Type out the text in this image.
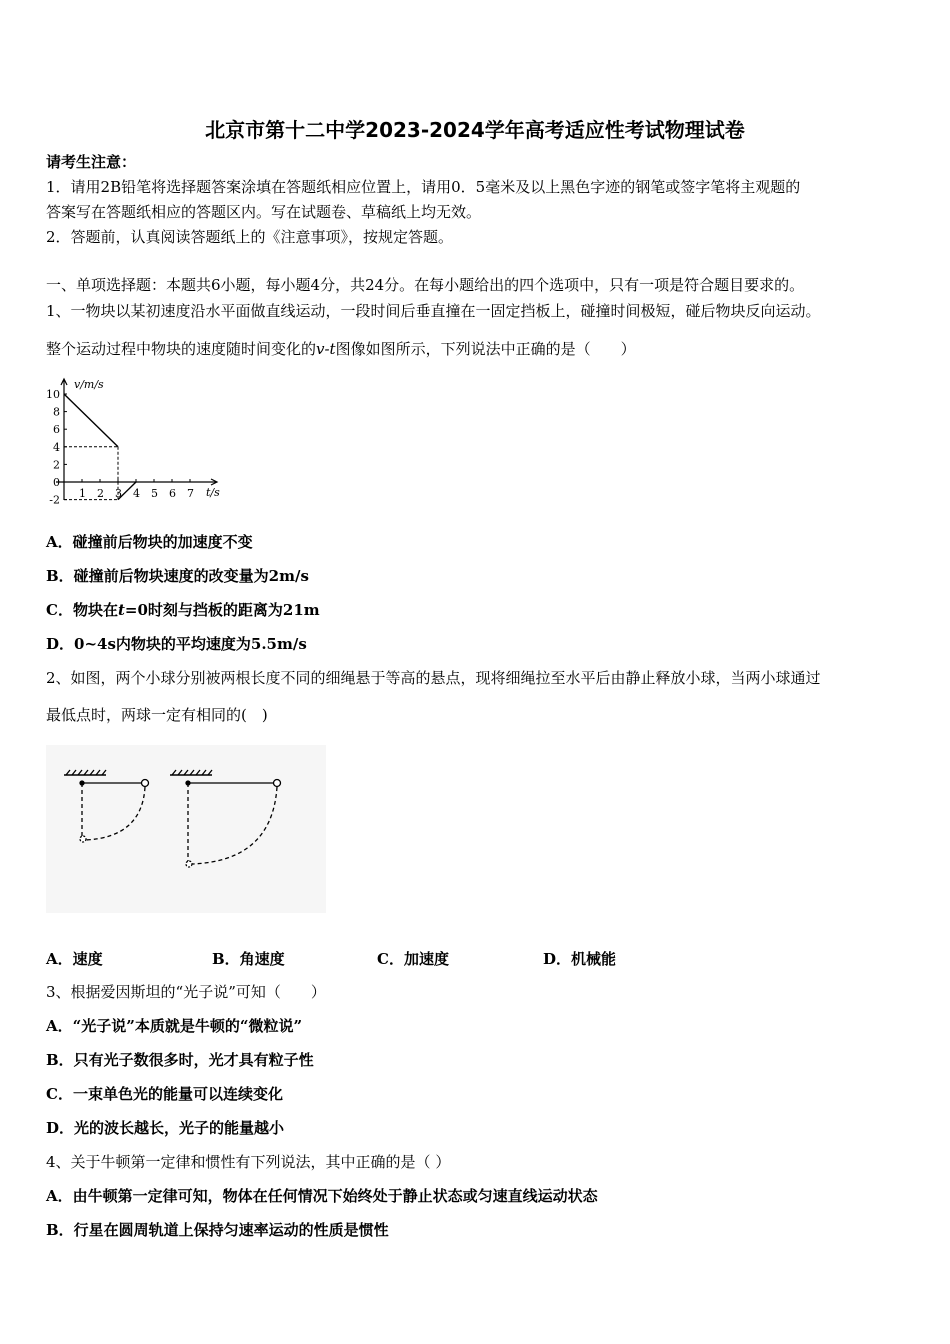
北京市第十二中学2023-2024学年高考适应性考试物理试卷
请考生注意：
1．请用2B铅笔将选择题答案涂填在答题纸相应位置上，请用0．5毫米及以上黑色字迹的钢笔或签字笔将主观题的
答案写在答题纸相应的答题区内。写在试题卷、草稿纸上均无效。
2．答题前，认真阅读答题纸上的《注意事项》，按规定答题。
一、单项选择题：本题共6小题，每小题4分，共24分。在每小题给出的四个选项中，只有一项是符合题目要求的。
1、一物块以某初速度沿水平面做直线运动，一段时间后垂直撞在一固定挡板上，碰撞时间极短，碰后物块反向运动。
整个运动过程中物块的速度随时间变化的v-t图像如图所示，下列说法中正确的是（　　）
v/m/s
t/s
-2
0
2
4
6
8
10
1 2 3 4 5 6 7
A．碰撞前后物块的加速度不变
B．碰撞前后物块速度的改变量为2m/s
C．物块在t=0时刻与挡板的距离为21m
D．0~4s内物块的平均速度为5.5m/s
2、如图，两个小球分别被两根长度不同的细绳悬于等高的悬点，现将细绳拉至水平后由静止释放小球，当两小球通过
最低点时，两球一定有相同的(　)
A．速度	B．角速度	C．加速度	D．机械能
3、根据爱因斯坦的“光子说”可知（　　）
A．“光子说”本质就是牛顿的“微粒说”
B．只有光子数很多时，光才具有粒子性
C．一束单色光的能量可以连续变化
D．光的波长越长，光子的能量越小
4、关于牛顿第一定律和惯性有下列说法，其中正确的是（ ）
A．由牛顿第一定律可知，物体在任何情况下始终处于静止状态或匀速直线运动状态
B．行星在圆周轨道上保持匀速率运动的性质是惯性
